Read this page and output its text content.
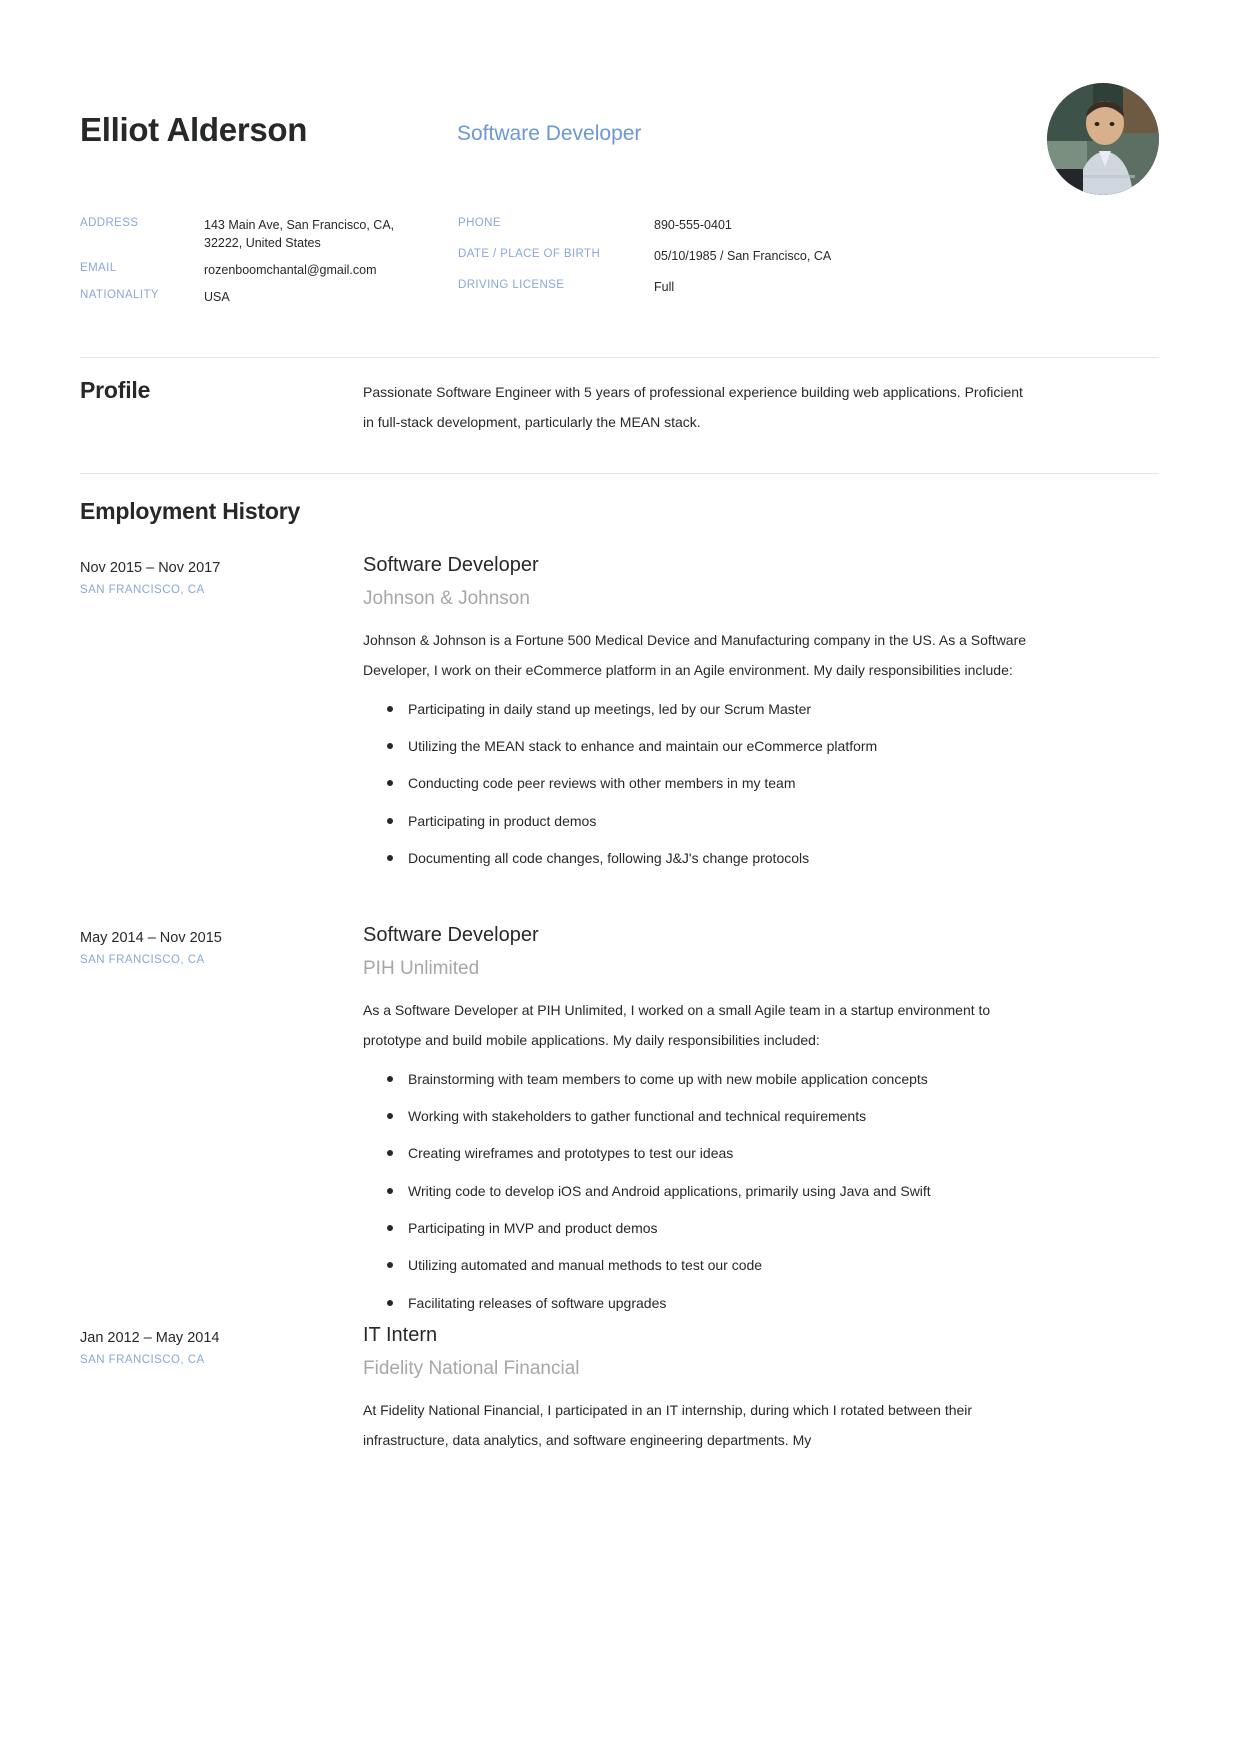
Elliot Alderson	Software Developer
ADDRESS	143 Main Ave, San Francisco, CA, 32222, United States
EMAIL	rozenboomchantal@gmail.com
NATIONALITY	USA
PHONE	890-555-0401
DATE / PLACE OF BIRTH	05/10/1985 / San Francisco, CA
DRIVING LICENSE	Full
Profile	Passionate Software Engineer with 5 years of professional experience building web applications. Proficient in full-stack development, particularly the MEAN stack.
Employment History
Nov 2015 – Nov 2017
SAN FRANCISCO, CA
Software Developer
Johnson & Johnson
Johnson & Johnson is a Fortune 500 Medical Device and Manufacturing company in the US. As a Software Developer, I work on their eCommerce platform in an Agile environment. My daily responsibilities include:
Participating in daily stand up meetings, led by our Scrum Master
Utilizing the MEAN stack to enhance and maintain our eCommerce platform
Conducting code peer reviews with other members in my team
Participating in product demos
Documenting all code changes, following J&J's change protocols
May 2014 – Nov 2015
SAN FRANCISCO, CA
Software Developer
PIH Unlimited
As a Software Developer at PIH Unlimited, I worked on a small Agile team in a startup environment to prototype and build mobile applications. My daily responsibilities included:
Brainstorming with team members to come up with new mobile application concepts
Working with stakeholders to gather functional and technical requirements
Creating wireframes and prototypes to test our ideas
Writing code to develop iOS and Android applications, primarily using Java and Swift
Participating in MVP and product demos
Utilizing automated and manual methods to test our code
Facilitating releases of software upgrades
Jan 2012 – May 2014
SAN FRANCISCO, CA
IT Intern
Fidelity National Financial
At Fidelity National Financial, I participated in an IT internship, during which I rotated between their infrastructure, data analytics, and software engineering departments. My
